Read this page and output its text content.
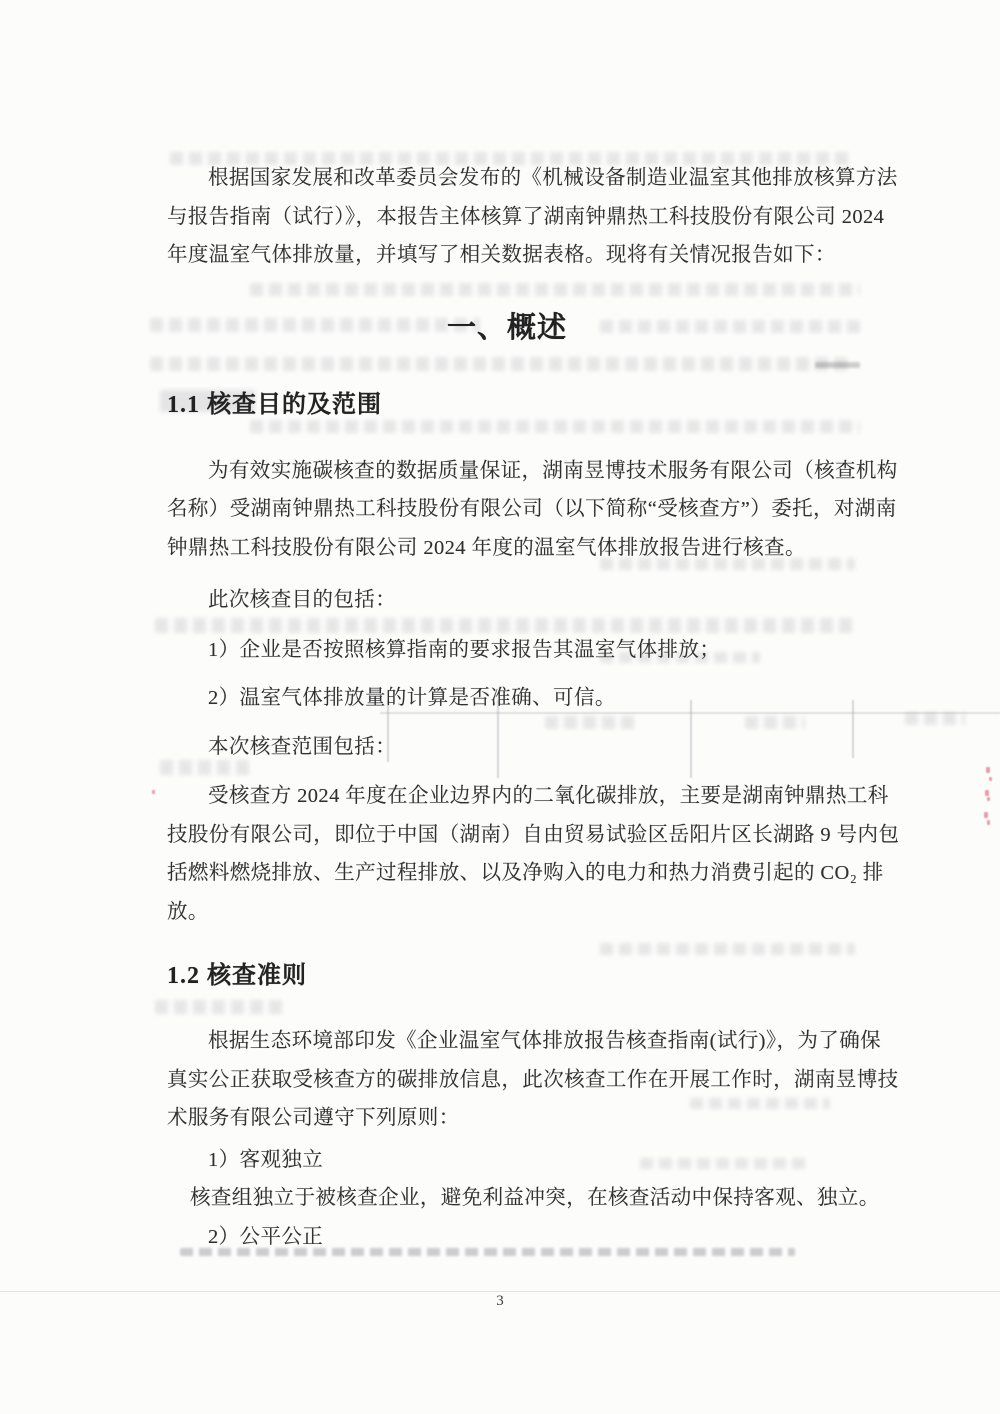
根据国家发展和改革委员会发布的《机械设备制造业温室其他排放核算方法
与报告指南（试行）》，本报告主体核算了湖南钟鼎热工科技股份有限公司 2024
年度温室气体排放量，并填写了相关数据表格。现将有关情况报告如下：
一、概述
1.1 核查目的及范围
为有效实施碳核查的数据质量保证，湖南昱博技术服务有限公司（核查机构
名称）受湖南钟鼎热工科技股份有限公司（以下简称“受核查方”）委托，对湖南
钟鼎热工科技股份有限公司 2024 年度的温室气体排放报告进行核查。
此次核查目的包括：
1）企业是否按照核算指南的要求报告其温室气体排放；
2）温室气体排放量的计算是否准确、可信。
本次核查范围包括：
受核查方 2024 年度在企业边界内的二氧化碳排放，主要是湖南钟鼎热工科
技股份有限公司，即位于中国（湖南）自由贸易试验区岳阳片区长湖路 9 号内包
括燃料燃烧排放、生产过程排放、以及净购入的电力和热力消费引起的 CO₂ 排
放。
1.2 核查准则
根据生态环境部印发《企业温室气体排放报告核查指南(试行)》，为了确保
真实公正获取受核查方的碳排放信息，此次核查工作在开展工作时，湖南昱博技
术服务有限公司遵守下列原则：
1）客观独立
核查组独立于被核查企业，避免利益冲突，在核查活动中保持客观、独立。
2）公平公正
3
